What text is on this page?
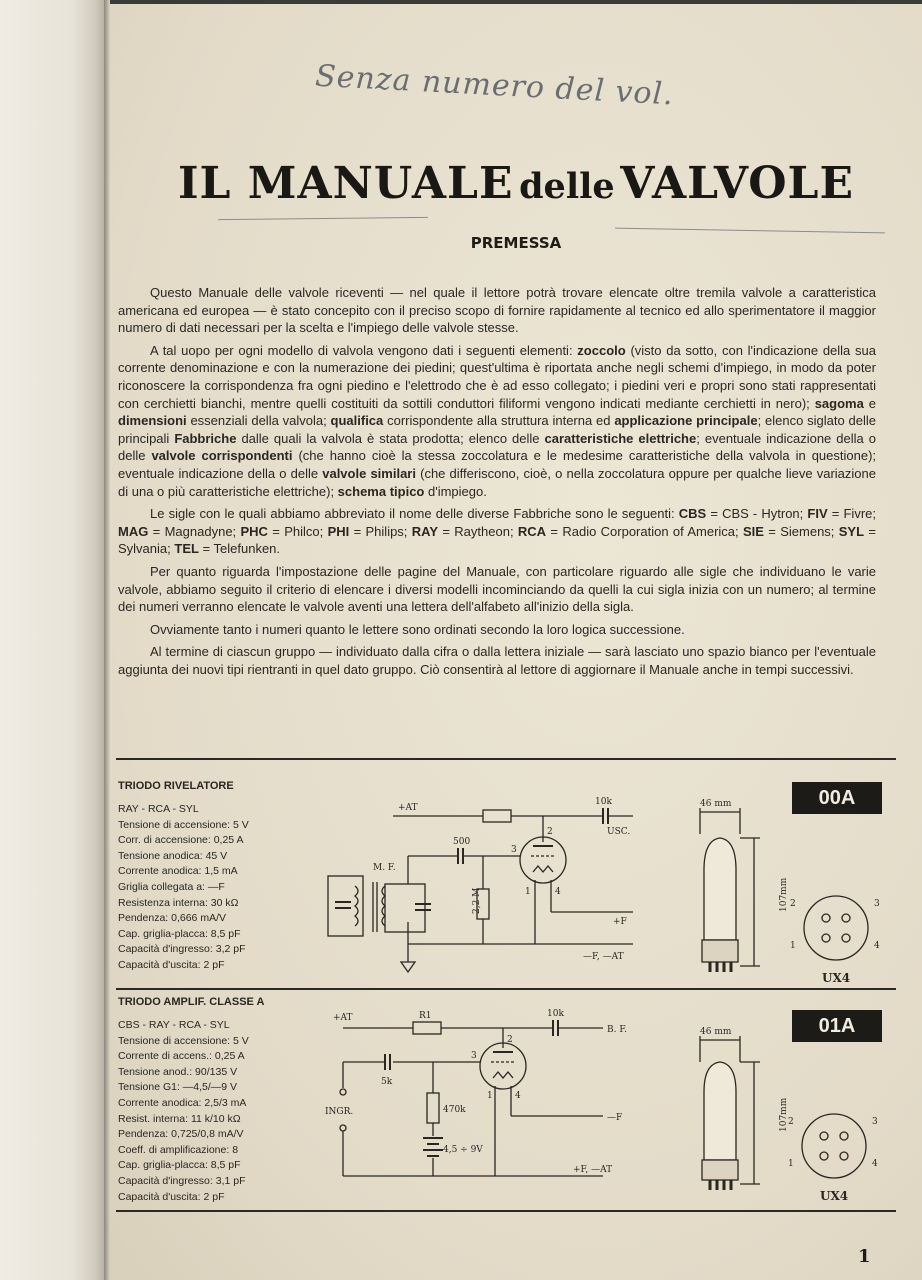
Senza numero del vol.
IL MANUALE delle VALVOLE
PREMESSA

Questo Manuale delle valvole riceventi — nel quale il lettore potrà trovare elencate oltre tremila valvole a caratteristica americana ed europea — è stato concepito con il preciso scopo di fornire rapidamente al tecnico ed allo sperimentatore il maggior numero di dati necessari per la scelta e l'impiego delle valvole stesse.

A tal uopo per ogni modello di valvola vengono dati i seguenti elementi: zoccolo (visto da sotto, con l'indicazione della sua corrente denominazione e con la numerazione dei piedini; quest'ultima è riportata anche negli schemi d'impiego, in modo da poter riconoscere la corrispondenza fra ogni piedino e l'elettrodo che è ad esso collegato; i piedini veri e propri sono stati rappresentati con cerchietti bianchi, mentre quelli costituiti da sottili conduttori filiformi vengono indicati mediante cerchietti in nero); sagoma e dimensioni essenziali della valvola; qualifica corrispondente alla struttura interna ed applicazione principale; elenco siglato delle principali Fabbriche dalle quali la valvola è stata prodotta; elenco delle caratteristiche elettriche; eventuale indicazione della o delle valvole corrispondenti (che hanno cioè la stessa zoccolatura e le medesime caratteristiche della valvola in questione); eventuale indicazione della o delle valvole similari (che differiscono, cioè, o nella zoccolatura oppure per qualche lieve variazione di una o più caratteristiche elettriche); schema tipico d'impiego.

Le sigle con le quali abbiamo abbreviato il nome delle diverse Fabbriche sono le seguenti: CBS = CBS - Hytron; FIV = Fivre; MAG = Magnadyne; PHC = Philco; PHI = Philips; RAY = Raytheon; RCA = Radio Corporation of America; SIE = Siemens; SYL = Sylvania; TEL = Telefunken.

Per quanto riguarda l'impostazione delle pagine del Manuale, con particolare riguardo alle sigle che individuano le varie valvole, abbiamo seguito il criterio di elencare i diversi modelli incominciando da quelli la cui sigla inizia con un numero; al termine dei numeri verranno elencate le valvole aventi una lettera dell'alfabeto all'inizio della sigla.

Ovviamente tanto i numeri quanto le lettere sono ordinati secondo la loro logica successione.

Al termine di ciascun gruppo — individuato dalla cifra o dalla lettera iniziale — sarà lasciato uno spazio bianco per l'eventuale aggiunta dei nuovi tipi rientranti in quel dato gruppo. Ciò consentirà al lettore di aggiornare il Manuale anche in tempi successivi.

TRIODO RIVELATORE
RAY - RCA - SYL
Tensione di accensione: 5 V
Corr. di accensione: 0,25 A
Tensione anodica: 45 V
Corrente anodica: 1,5 mA
Griglia collegata a: —F
Resistenza interna: 30 kΩ
Pendenza: 0,666 mA/V
Cap. griglia-placca: 8,5 pF
Capacità d'ingresso: 3,2 pF
Capacità d'uscita: 2 pF
+AT
10k
USC.
500
M. F.
2,2 M
+F
—F, —AT
2
3
1	4
46 mm
107mm
00A
2	3
1	4
UX4
TRIODO AMPLIF. CLASSE A
CBS - RAY - RCA - SYL
Tensione di accensione: 5 V
Corrente di accens.: 0,25 A
Tensione anod.: 90/135 V
Tensione G1: —4,5/—9 V
Corrente anodica: 2,5/3 mA
Resist. interna: 11 k/10 kΩ
Pendenza: 0,725/0,8 mA/V
Coeff. di amplificazione: 8
Cap. griglia-placca: 8,5 pF
Capacità d'ingresso: 3,1 pF
Capacità d'uscita: 2 pF
+AT	R1	10k
B. F.
5k
INGR.	470k
4,5 ÷ 9V
—F
+F, —AT
2
3
1 4
46 mm
107mm
01A
2	3
1	4
UX4
1
